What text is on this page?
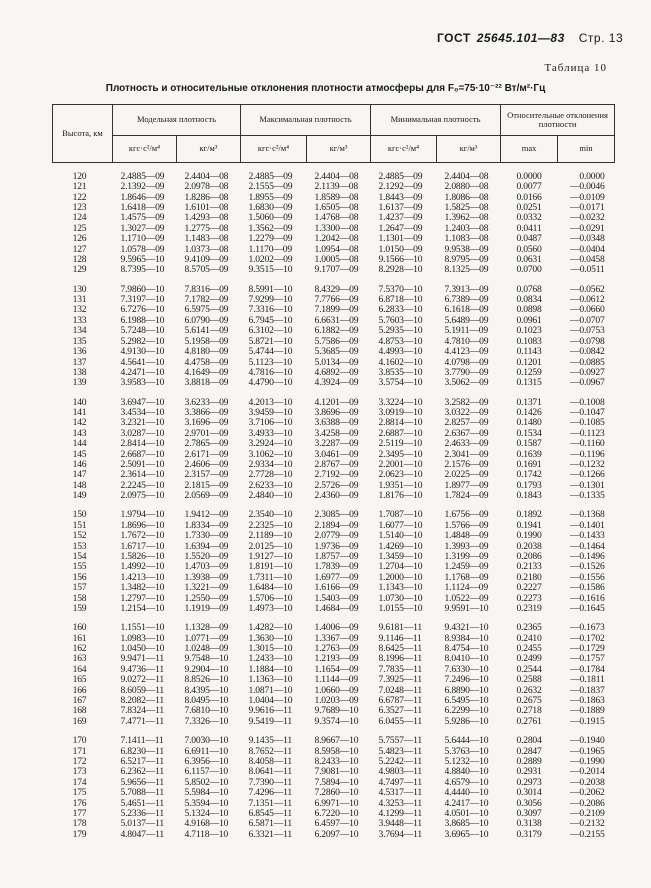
ГОСТ 25645.101—83 Стр. 13
Таблица 10
Плотность и относительные отклонения плотности атмосферы для F₀=75·10⁻²² Вт/м²·Гц
Высота, км	Модельная плотность		Максимальная плотность		Минимальная плотность		Относительные отклонения плотности	
	кгс·с²/м⁴	кг/м³	кгс·с²/м⁴	кг/м³	кгс·с²/м⁴	кг/м³	max	min

120	2.4885—09	2.4404—08	2.4885—09	2.4404—08	2.4885—09	2.4404—08	0.0000	0.0000
121	2.1392—09	2.0978—08	2.1555—09	2.1139—08	2.1292—09	2.0880—08	0.0077	—0.0046
122	1.8646—09	1.8286—08	1.8955—09	1.8589—08	1.8443—09	1.8086—08	0.0166	—0.0109
123	1.6418—09	1.6101—08	1.6830—09	1.6505—08	1.6137—09	1.5825—08	0.0251	—0.0171
124	1.4575—09	1.4293—08	1.5060—09	1.4768—08	1.4237—09	1.3962—08	0.0332	—0.0232
125	1.3027—09	1.2775—08	1.3562—09	1.3300—08	1.2647—09	1.2403—08	0.0411	—0.0291
126	1.1710—09	1.1483—08	1.2279—09	1.2042—08	1.1301—09	1.1083—08	0.0487	—0.0348
127	1.0578—09	1.0373—08	1.1170—09	1.0954—08	1.0150—09	9.9538—09	0.0560	—0.0404
128	9.5965—10	9.4109—09	1.0202—09	1.0005—08	9.1566—10	8.9795—09	0.0631	—0.0458
129	8.7395—10	8.5705—09	9.3515—10	9.1707—09	8.2928—10	8.1325—09	0.0700	—0.0511

130	7.9860—10	7.8316—09	8.5991—10	8.4329—09	7.5370—10	7.3913—09	0.0768	—0.0562
131	7.3197—10	7.1782—09	7.9299—10	7.7766—09	6.8718—10	6.7389—09	0.0834	—0.0612
132	6.7276—10	6.5975—09	7.3316—10	7.1899—09	6.2833—10	6.1618—09	0.0898	—0.0660
133	6.1988—10	6.0790—09	6.7945—10	6.6631—09	5.7603—10	5.6489—09	0.0961	—0.0707
134	5.7248—10	5.6141—09	6.3102—10	6.1882—09	5.2935—10	5.1911—09	0.1023	—0.0753
135	5.2982—10	5.1958—09	5.8721—10	5.7586—09	4.8753—10	4.7810—09	0.1083	—0.0798
136	4.9130—10	4.8180—09	5.4744—10	5.3685—09	4.4993—10	4.4123—09	0.1143	—0.0842
137	4.5641—10	4.4758—09	5.1123—10	5.0134—09	4.1602—10	4.0798—09	0.1201	—0.0885
138	4.2471—10	4.1649—09	4.7816—10	4.6892—09	3.8535—10	3.7790—09	0.1259	—0.0927
139	3.9583—10	3.8818—09	4.4790—10	4.3924—09	3.5754—10	3.5062—09	0.1315	—0.0967

140	3.6947—10	3.6233—09	4.2013—10	4.1201—09	3.3224—10	3.2582—09	0.1371	—0.1008
141	3.4534—10	3.3866—09	3.9459—10	3.8696—09	3.0919—10	3.0322—09	0.1426	—0.1047
142	3.2321—10	3.1696—09	3.7106—10	3.6388—09	2.8814—10	2.8257—09	0.1480	—0.1085
143	3.0287—10	2.9701—09	3.4933—10	3.4258—09	2.6887—10	2.6367—09	0.1534	—0.1123
144	2.8414—10	2.7865—09	3.2924—10	3.2287—09	2.5119—10	2.4633—09	0.1587	—0.1160
145	2.6687—10	2.6171—09	3.1062—10	3.0461—09	2.3495—10	2.3041—09	0.1639	—0.1196
146	2.5091—10	2.4606—09	2.9334—10	2.8767—09	2.2001—10	2.1576—09	0.1691	—0.1232
147	2.3614—10	2.3157—09	2.7728—10	2.7192—09	2.0623—10	2.0225—09	0.1742	—0.1266
148	2.2245—10	2.1815—09	2.6233—10	2.5726—09	1.9351—10	1.8977—09	0.1793	—0.1301
149	2.0975—10	2.0569—09	2.4840—10	2.4360—09	1.8176—10	1.7824—09	0.1843	—0.1335

150	1.9794—10	1.9412—09	2.3540—10	2.3085—09	1.7087—10	1.6756—09	0.1892	—0.1368
151	1.8696—10	1.8334—09	2.2325—10	2.1894—09	1.6077—10	1.5766—09	0.1941	—0.1401
152	1.7672—10	1.7330—09	2.1189—10	2.0779—09	1.5140—10	1.4848—09	0.1990	—0.1433
153	1.6717—10	1.6394—09	2.0125—10	1.9736—09	1.4269—10	1.3993—09	0.2038	—0.1464
154	1.5826—10	1.5520—09	1.9127—10	1.8757—09	1.3459—10	1.3199—09	0.2086	—0.1496
155	1.4992—10	1.4703—09	1.8191—10	1.7839—09	1.2704—10	1.2459—09	0.2133	—0.1526
156	1.4213—10	1.3938—09	1.7311—10	1.6977—09	1.2000—10	1.1768—09	0.2180	—0.1556
157	1.3482—10	1.3221—09	1.6484—10	1.6166—09	1.1343—10	1.1124—09	0.2227	—0.1586
158	1.2797—10	1.2550—09	1.5706—10	1.5403—09	1.0730—10	1.0522—09	0.2273	—0.1616
159	1.2154—10	1.1919—09	1.4973—10	1.4684—09	1.0155—10	9.9591—10	0.2319	—0.1645

160	1.1551—10	1.1328—09	1.4282—10	1.4006—09	9.6181—11	9.4321—10	0.2365	—0.1673
161	1.0983—10	1.0771—09	1.3630—10	1.3367—09	9.1146—11	8.9384—10	0.2410	—0.1702
162	1.0450—10	1.0248—09	1.3015—10	1.2763—09	8.6425—11	8.4754—10	0.2455	—0.1729
163	9.9471—11	9.7548—10	1.2433—10	1.2193—09	8.1996—11	8.0410—10	0.2499	—0.1757
164	9.4736—11	9.2904—10	1.1884—10	1.1654—09	7.7835—11	7.6330—10	0.2544	—0.1784
165	9.0272—11	8.8526—10	1.1363—10	1.1144—09	7.3925—11	7.2496—10	0.2588	—0.1811
166	8.6059—11	8.4395—10	1.0871—10	1.0660—09	7.0248—11	6.8890—10	0.2632	—0.1837
167	8.2082—11	8.0495—10	1.0404—10	1.0203—09	6.6787—11	6.5495—10	0.2675	—0.1863
168	7.8324—11	7.6810—10	9.9616—11	9.7689—10	6.3527—11	6.2299—10	0.2718	—0.1889
169	7.4771—11	7.3326—10	9.5419—11	9.3574—10	6.0455—11	5.9286—10	0.2761	—0.1915

170	7.1411—11	7.0030—10	9.1435—11	8.9667—10	5.7557—11	5.6444—10	0.2804	—0.1940
171	6.8230—11	6.6911—10	8.7652—11	8.5958—10	5.4823—11	5.3763—10	0.2847	—0.1965
172	6.5217—11	6.3956—10	8.4058—11	8.2433—10	5.2242—11	5.1232—10	0.2889	—0.1990
173	6.2362—11	6.1157—10	8.0641—11	7.9081—10	4.9803—11	4.8840—10	0.2931	—0.2014
174	5.9656—11	5.8502—10	7.7390—11	7.5894—10	4.7497—11	4.6579—10	0.2973	—0.2038
175	5.7088—11	5.5984—10	7.4296—11	7.2860—10	4.5317—11	4.4440—10	0.3014	—0.2062
176	5.4651—11	5.3594—10	7.1351—11	6.9971—10	4.3253—11	4.2417—10	0.3056	—0.2086
177	5.2336—11	5.1324—10	6.8545—11	6.7220—10	4.1299—11	4.0501—10	0.3097	—0.2109
178	5.0137—11	4.9168—10	6.5871—11	6.4597—10	3.9448—11	3.8685—10	0.3138	—0.2132
179	4.8047—11	4.7118—10	6.3321—11	6.2097—10	3.7694—11	3.6965—10	0.3179	—0.2155
